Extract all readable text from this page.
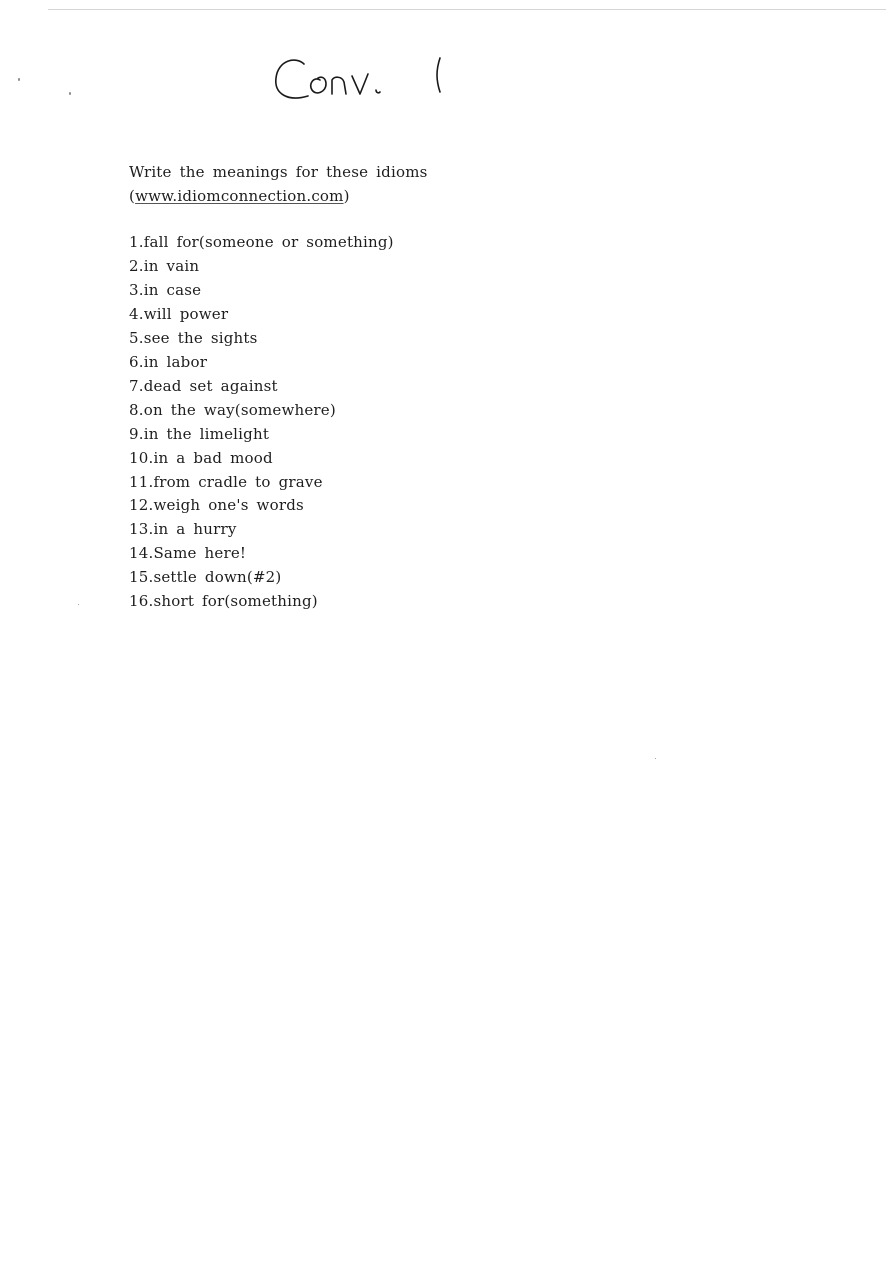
Write the meanings for these idioms
(www.idiomconnection.com)

1.fall for(someone or something)
2.in vain
3.in case
4.will power
5.see the sights
6.in labor
7.dead set against
8.on the way(somewhere)
9.in the limelight
10.in a bad mood
11.from cradle to grave
12.weigh one's words
13.in a hurry
14.Same here!
15.settle down(#2)
16.short for(something)
